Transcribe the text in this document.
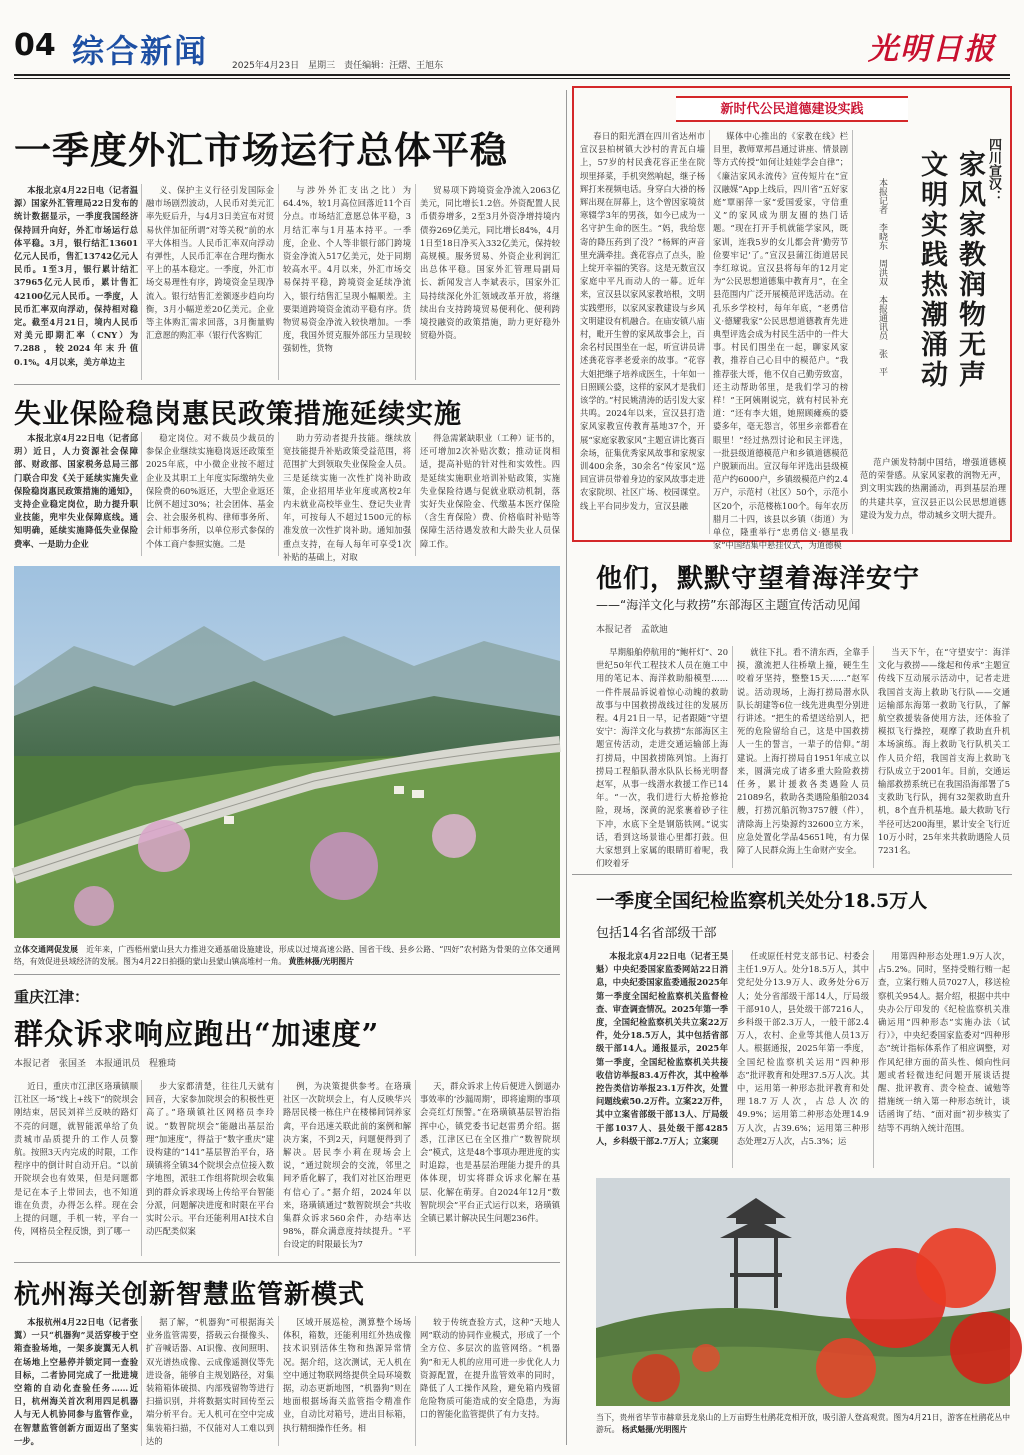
04 综合新闻	2025年4月23日　星期三　责任编辑：汪熠、王旭东	光明日报
一季度外汇市场运行总体平稳

本报北京4月22日电（记者温源）国家外汇管理局22日发布的统计数据显示，一季度我国经济保持回升向好，外汇市场运行总体平稳。3月，银行结汇13601亿元人民币，售汇13742亿元人民币。1至3月，银行累计结汇37965亿元人民币，累计售汇42100亿元人民币。一季度，人民币汇率双向浮动，保持相对稳定。截至4月21日，境内人民币对美元即期汇率（CNY）为7.288，较2024年末升值0.1%。4月以来，美方单边主

义、保护主义行径引发国际金融市场剧烈波动，人民币对美元汇率先贬后升，与4月3日美宣布对贸易伙伴加征所谓“对等关税”前的水平大体相当。人民币汇率双向浮动有弹性，人民币汇率在合理均衡水平上的基本稳定。一季度，外汇市场交易理性有序，跨境资金呈现净流入。银行结售汇差额逐步趋向均衡，3月小幅逆差20亿美元。企业等主体购汇需求回落，3月衡量购汇意愿的购汇率（银行代客购汇

与涉外外汇支出之比）为64.4%，较1月高位回落近11个百分点。市场结汇意愿总体平稳，3月结汇率与1月基本持平。一季度，企业、个人等非银行部门跨境资金净流入517亿美元，处于同期较高水平。4月以来，外汇市场交易保持平稳，跨境资金延续净流入，银行结售汇呈现小幅顺差。主要渠道跨境资金流动平稳有序。货物贸易资金净流入较快增加。一季度，我国外贸克服外部压力呈现较强韧性，货物

贸易项下跨境资金净流入2063亿美元，同比增长1.2倍。外资配置人民币债券增多，2至3月外资净增持境内债券269亿美元，同比增长84%，4月1日至18日净买入332亿美元，保持较高规模。服务贸易、外资企业利润汇出总体平稳。国家外汇管理局副局长、新闻发言人李斌表示，国家外汇局持续深化外汇领域改革开放，将继续出台支持跨境贸易便利化、便利跨境投融资的政策措施，助力更好稳外贸稳外资。

失业保险稳岗惠民政策措施延续实施

本报北京4月22日电（记者邱玥）近日，人力资源社会保障部、财政部、国家税务总局三部门联合印发《关于延续实施失业保险稳岗惠民政策措施的通知》，支持企业稳定岗位，助力提升职业技能，兜牢失业保障底线。通知明确，延续实施降低失业保险费率、一是助力企业

稳定岗位。对不裁员少裁员的参保企业继续实施稳岗返还政策至2025年底，中小微企业按不超过企业及其职工上年度实际缴纳失业保险费的60%返还，大型企业返还比例不超过30%；社会团体、基金会、社会服务机构、律师事务所、会计师事务所，以单位形式参保的个体工商户参照实施。二是

助力劳动者提升技能。继续放宽技能提升补贴政策受益范围，将范围扩大到领取失业保险金人员。三是延续实施一次性扩岗补助政策，企业招用毕业年度或离校2年内未就业高校毕业生、登记失业青年，可按每人不超过1500元的标准发放一次性扩岗补助。通知加强重点支持，在每人每年可享受1次补贴的基础上，对取

得急需紧缺职业（工种）证书的，还可增加2次补贴次数；推动证岗相适，提高补贴的针对性和实效性。四是延续实施职业培训补贴政策，实施失业保险待遇与促就业联动机制，落实好失业保险金、代缴基本医疗保险（含生育保险）费、价格临时补贴等保障生活待遇发放和大龄失业人员保障工作。

立体交通网促发展　 近年来，广西梧州蒙山县大力推进交通基础设施建设，形成以过境高速公路、国省干线、县乡公路、“四好”农村路为骨架的立体交通网络，有效促进县域经济的发展。图为4月22日拍摄的蒙山县蒙山镇高堆村一角。 黄胜林摄/光明图片
重庆江津：
群众诉求响应跑出“加速度”
本报记者　张国圣　本报通讯员　程雅琦

近日，重庆市江津区珞璜镇顺江社区一场“线上+线下”的院坝会刚结束，居民刘祥兰反映的路灯不亮的问题，就智能派单给了负责城市品质提升的工作人员黎航。按照3天内完成的时限，工作程序中的倒计时自动开启。“以前开院坝会也有效果，但是问题都是记在本子上带回去，也不知道谁在负责，办得怎么样。现在会上提的问题，手机一转，平台一传，网格员全程反馈，到了哪一

步大家都清楚，往往几天就有回音，大家参加院坝会的积极性更高了。”珞璜镇社区网格员李玲说。“数智院坝会”能融出基层治理“加速度”，得益于“数字重庆”建设构建的“141”基层智治平台，珞璜镇将全镇34个院坝会点位接入数字地图，派驻工作组将院坝会收集到的群众诉求现场上传给平台智能分派，问题解决进度和时限在平台实时公示。平台还能利用AI技术自动匹配类似案

例，为决策提供参考。在珞璜社区一次院坝会上，有人反映华兴路居民楼一栋住户在楼梯间饲养家禽，平台迅速关联此前的案例和解决方案，不到2天，问题便得到了解决。居民李小莉在现场会上说，“通过院坝会的交流，邻里之间矛盾化解了，我们对社区治理更有信心了。”据介绍，2024年以来，珞璜镇通过“数智院坝会”共收集群众诉求560余件，办结率达98%，群众满意度持续提升。“平台设定的时限最长为7

天，群众诉求上传后便进入倒逼办事效率的‘沙漏周期’，即将逾期的事项会亮红灯预警。”在珞璜镇基层智治指挥中心，镇党委书记赵雷勇介绍。据悉，江津区已在全区推广“数智院坝会”模式，这是48个事项办理进度的实时追踪，也是基层治理能力提升的具体体现，切实将群众诉求化解在基层、化解在萌芽。自2024年12月“数智院坝会”平台正式运行以来，珞璜镇全镇已累计解决民生问题236件。

杭州海关创新智慧监管新模式

本报杭州4月22日电（记者张翼）一只“机器狗”灵活穿梭于空箱查验场地，一架多旋翼无人机在场地上空悬停并锁定同一查验目标，二者协同完成了一批进境空箱的自动化查验任务……近日，杭州海关首次利用四足机器人与无人机协同参与监管作业，在智慧监管创新方面迈出了坚实一步。

据了解，“机器狗”可根据海关业务监管需要，搭载云台摄像头、扩音喊话器、AI识像、夜间照明、双光谱热成像、云成像遥测仪等先进设备，能够自主规划路径，对集装箱箱体破损、内部残留物等进行扫描识别，并将数据实时回传至云端分析平台。无人机可在空中完成集装箱扫描，不仅能对人工难以到达的

区域开展巡检，测算整个场场体积，箱数，还能利用红外热成像技术识别活体生物和热源异常情况。据介绍，这次测试，无人机在空中通过物联网络提供全局环境数据，动态更新地图，“机器狗”则在地面根据场海关监管指令精准作业，自动比对箱号，进出目标箱，执行精细操作任务。相

较于传统查验方式，这种“天地人网”联动的协同作业模式，形成了一个全方位、多层次的监管网络。“机器狗”和无人机的应用可进一步优化人力资源配置，在提升监管效率的同时，降低了人工操作风险，避免箱内残留危险物质可能造成的安全隐患，为海口的智能化监管提供了有力支持。

新时代公民道德建设实践

春日的阳光洒在四川省达州市宣汉县柏树镇大沙村的青瓦白墙上，57岁的村民龚花容正坐在院坝里择菜，手机突然响起，继子杨辉打来视频电话。身穿白大褂的杨辉出现在屏幕上，这个曾因家境贫寒辍学3年的男孩，如今已成为一名守护生命的医生。“妈，我给您寄的降压药到了没？”杨辉的声音里充满牵挂。龚花容点了点头，脸上绽开幸福的笑容。这是无数宣汉家庭中平凡而动人的一幕。近年来，宣汉县以家风家教培根，文明实践塑形，以家风家教建设与乡风文明建设有机融合。在庙安镇八庙村，毗开生曾的家风故事会上，百余名村民围坐在一起，听宣讲员讲述龚花容孝老爱亲的故事。“花容大姐把继子培养成医生，十年如一日照顾公婆，这样的家风才是我们该学的。”村民姚清涛的话引发大家共鸣。2024年以来，宣汉县打造家风家教宣传教育基地37个，开展“家庭家教家风”主题宣讲比赛百余场，征集优秀家风故事和家规家训400余条，30余名“传家风”巡回宣讲员带着身边的家风故事走进农家院坝、社区广场、校园课堂。线上平台同步发力，宣汉县融

媒体中心推出的《家教在线》栏目里，教师覃邦昌通过讲座、情景剧等方式传授“如何让娃娃学会自律”；《廉洁家风永流传》宣传短片在“宣汉融媒”App上线后，四川省“五好家庭”覃丽萍一家“爱国爱家，守信重义”的家风成为朋友圈的热门话题。“现在打开手机就能学家风，既家训，连我5岁的女儿都会背‘勤劳节俭要牢记’了。”宣汉县蒲江街道居民李红琼说。宣汉县将每年的12月定为“公民思想道德集中教育月”，在全县范围内广泛开展模范评选活动。在孔乐乡学校村，每年年底，“老勇信义·德耀我家”公民思想道德教育先进典型评选会成为村民生活中的一件大事。村民们围坐在一起，聊家风家教，推荐自己心目中的模范户。“我推荐张大哥，他不仅自己勤劳致富，还主动帮助邻里，是我们学习的榜样！”王阿姨刚说完，就有村民补充道：“还有李大姐，她照顾瘫痪的婆婆多年，毫无怨言，邻里乡亲都看在眼里！”经过热烈讨论和民主评选，一批县级道德模范户和乡镇道德模范户脱颖而出。宣汉每年评选出县级模范户约6000户，乡镇级模范户约2.4万户，示范村（社区）50个，示范小区20个，示范楼栋100个。每年农历腊月二十四，该县以乡镇（街道）为单位，隆重举行“忠勇信义·德星我家”中国结集中悬挂仪式，为道德模

四川宣汉：
家风家教润物无声
文明实践热潮涌动
本报记者　李晓东　周洪双　本报通讯员　张　平

范户颁发特制中国结，增强道德模范的荣誉感。从家风家教的润物无声，到文明实践的热潮涌动，再到基层治理的共建共享，宣汉县正以公民思想道德建设为发力点，带动城乡文明大提升。

他们，默默守望着海洋安宁
——“海洋文化与救捞”东部海区主题宣传活动见闻
本报记者　孟歆迪

早期船舶停航用的“鲍杆灯”、20世纪50年代工程技术人员在施工中用的笔记本、海洋救助船模型……一件件展品诉说着惊心动魄的救助故事与中国救捞战线过往的发展历程。4月21日一早，记者跟随“守望安宁：海洋文化与救捞”东部海区主题宣传活动，走进交通运输部上海打捞局，中国救捞陈列馆。上海打捞局工程船队潜水队队长杨光明督赵军，从事一线潜水救援工作已14年。“一次，我们进行大桥抢修抢险，现场，深黄的泥浆裹着砂子往下冲，水底下全是钢筋铁网。”说实话，看到这场景谁心里都打鼓。但大家想到上家属的眼睛盯着呢，我们咬着牙

就往下扎。看不清东西，全靠手摸，激流把人往桥墩上撞，硬生生咬着牙坚持，整整15天……”赵军说。活动现场，上海打捞局潜水队队长胡建等6位一线先进典型分别进行讲述。“把生的希望送给别人，把死的危险留给自己，这是中国救捞人一生的誓言，一辈子的信仰。”胡建说。上海打捞局自1951年成立以来，圆满完成了诸多重大险险救捞任务，累计援救各类遇险人员21089名，救助各类遇险船舶2034艘，打捞沉船沉物3757艘（件），清除海上污染源约32600立方米，应急处置化学品45651吨，有力保障了人民群众海上生命财产安全。

当天下午，在“守望安宁：海洋文化与救捞——缘起和传承”主题宣传线下互动展示活动中，记者走进我国首支海上救助飞行队——交通运输部东海第一救助飞行队，了解航空救援装备使用方法，还体验了模拟飞行操控，观摩了救助直升机本场演练。海上救助飞行队机关工作人员介绍，我国首支海上救助飞行队成立于2001年。目前，交通运输部救捞系统已在我国沿海部署了5支救助飞行队，拥有32架救助直升机，8个直升机基地。最大救助飞行半径可达200海里，累计安全飞行近10万小时，25年来共救助遇险人员7231名。

一季度全国纪检监察机关处分18.5万人
包括14名省部级干部

本报北京4月22日电（记者王昊魁）中央纪委国家监委网站22日消息，中央纪委国家监委通报2025年第一季度全国纪检监察机关监督检查、审查调查情况。2025年第一季度，全国纪检监察机关共立案22万件，处分18.5万人，其中包括省部级干部14人。通报显示，2025年第一季度，全国纪检监察机关共接收信访举报83.4万件次，其中检举控告类信访举报23.1万件次，处置问题线索50.2万件。立案22万件，其中立案省部级干部13人、厅局级干部1037人、县处级干部4285人，乡科级干部2.7万人；立案现

任或原任村党支部书记、村委会主任1.9万人。处分18.5万人，其中党纪处分13.9万人、政务处分6万人；处分省部级干部14人，厅局级干部910人，县处级干部7216人，乡科级干部2.3万人，一般干部2.4万人，农村、企业等其他人员13万人。根据通报，2025年第一季度，全国纪检监察机关运用“四种形态”批评教育和处理37.5万人次。其中，运用第一种形态批评教育和处理18.7万人次，占总人次的49.9%；运用第二种形态处理14.9万人次，占39.6%；运用第三种形态处理2万人次，占5.3%；运

用第四种形态处理1.9万人次，占5.2%。同时，坚持受贿行贿一起查，立案行贿人员7027人，移送检察机关954人。据介绍，根据中共中央办公厅印发的《纪检监察机关准确运用“四种形态”实施办法（试行）》，中央纪委国家监委对“四种形态”统计指标体系作了相应调整，对作风纪律方面的苗头性、倾向性问题或者轻微违纪问题开展谈话提醒、批评教育、责令检查、诫勉等措施统一纳入第一种形态统计，谈话函询了结、“面对面”初步核实了结等不再纳入统计范围。

当下，贵州省毕节市赫章县龙泉山的上万亩野生杜鹃花竞相开放，吸引游人登高观赏。图为4月21日，游客在杜鹃花丛中游玩。 杨武魁摄/光明图片
